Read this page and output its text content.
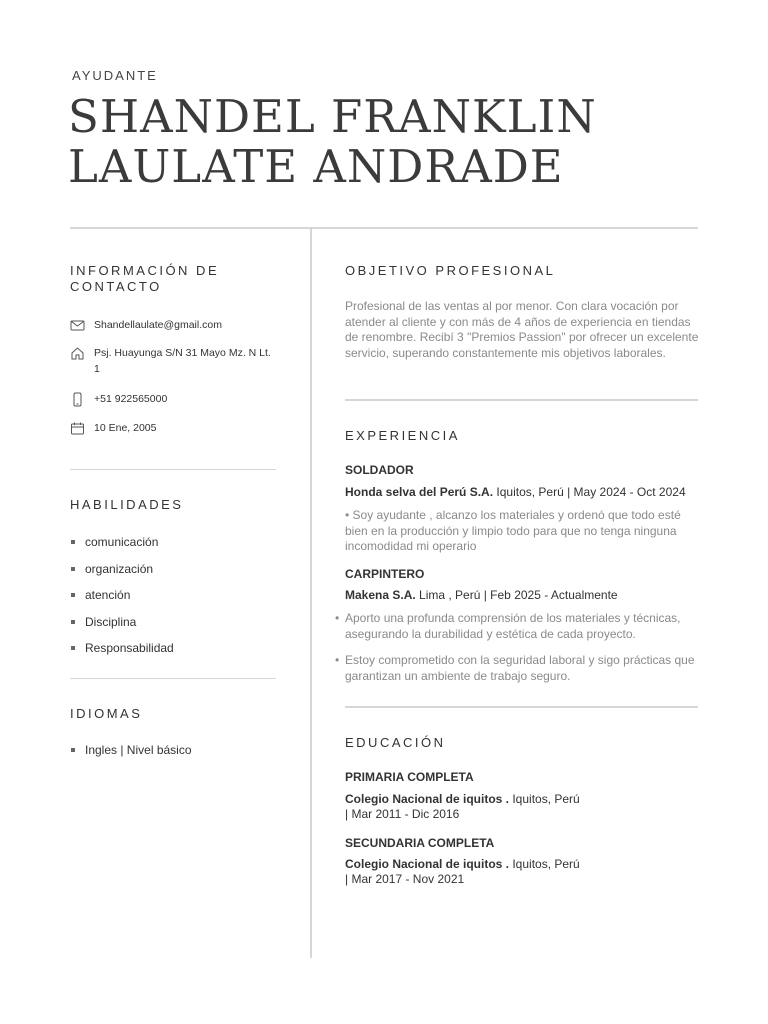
AYUDANTE
SHANDEL FRANKLIN
LAULATE ANDRADE
INFORMACIÓN DE CONTACTO
Shandellaulate@gmail.com
Psj. Huayunga S/N 31 Mayo Mz. N Lt. 1
+51 922565000
10 Ene, 2005
HABILIDADES
comunicación
organización
atención
Disciplina
Responsabilidad
IDIOMAS
Ingles | Nivel básico
OBJETIVO PROFESIONAL
Profesional de las ventas al por menor. Con clara vocación por atender al cliente y con más de 4 años de experiencia en tiendas de renombre. Recibí 3 "Premios Passion" por ofrecer un excelente servicio, superando constantemente mis objetivos laborales.
EXPERIENCIA
SOLDADOR
Honda selva del Perú S.A. Iquitos, Perú | May 2024 - Oct 2024
• Soy ayudante , alcanzo los materiales y ordenó que todo esté bien en la producción y limpio todo para que no tenga ninguna incomodidad mi operario
CARPINTERO
Makena S.A. Lima , Perú | Feb 2025 - Actualmente
• Aporto una profunda comprensión de los materiales y técnicas, asegurando la durabilidad y estética de cada proyecto.
• Estoy comprometido con la seguridad laboral y sigo prácticas que garantizan un ambiente de trabajo seguro.
EDUCACIÓN
PRIMARIA COMPLETA
Colegio Nacional de iquitos . Iquitos, Perú
| Mar 2011 - Dic 2016
SECUNDARIA COMPLETA
Colegio Nacional de iquitos . Iquitos, Perú
| Mar 2017 - Nov 2021
